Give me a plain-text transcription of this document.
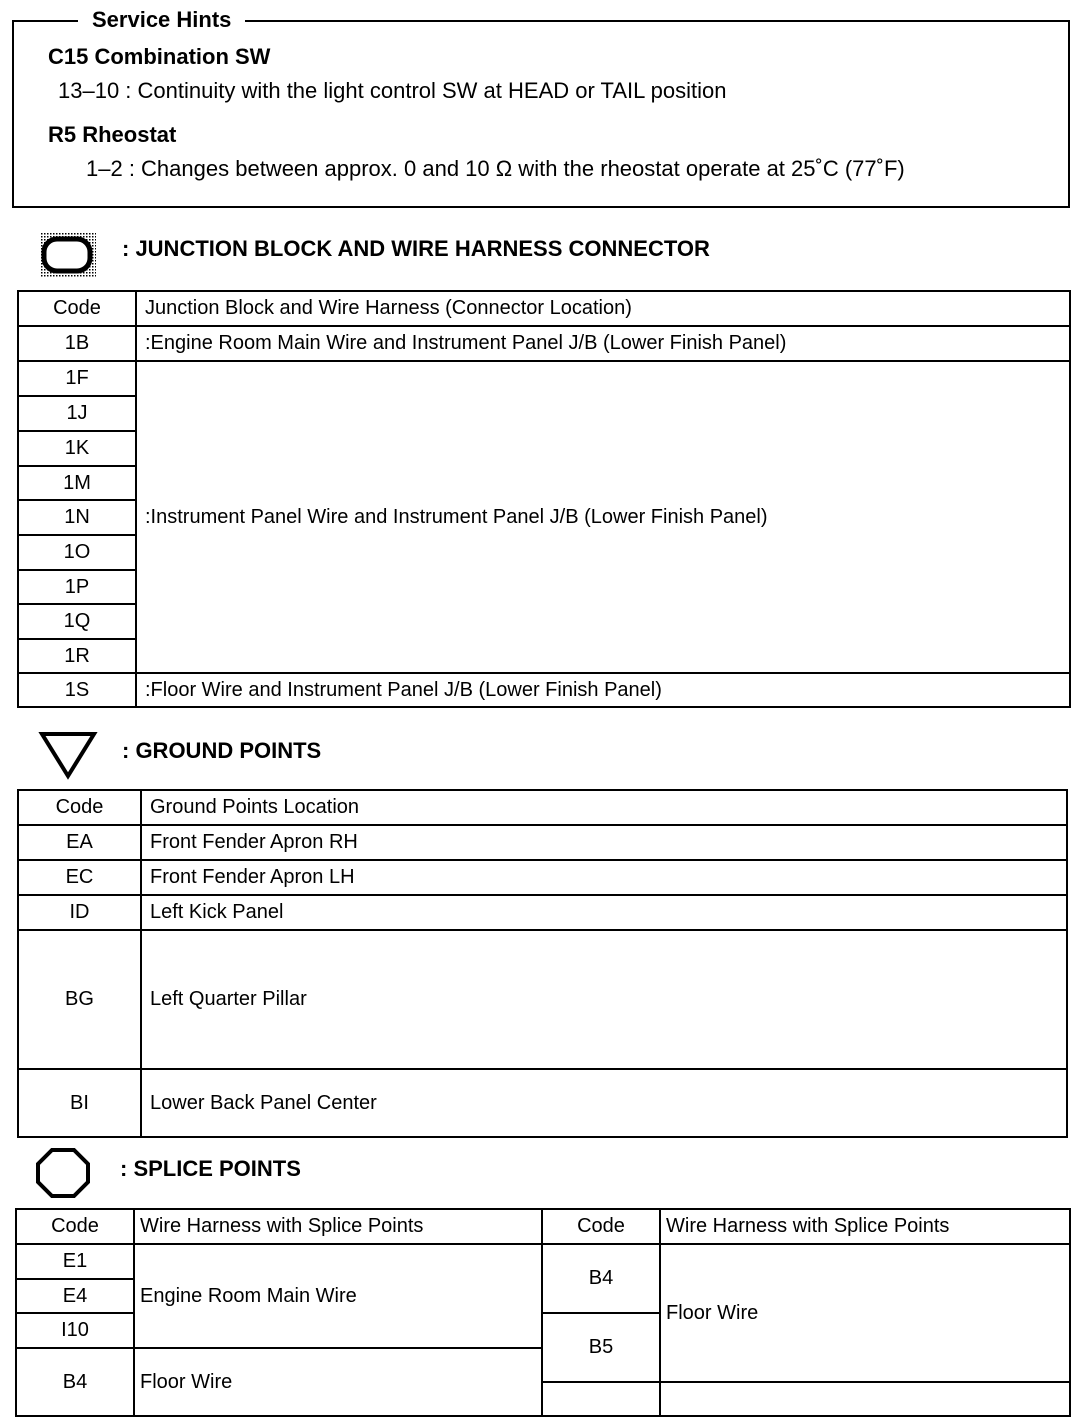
Service Hints
C15 Combination SW
13–10 : Continuity with the light control SW at HEAD or TAIL position
R5 Rheostat
1–2 : Changes between approx. 0 and 10 Ω with the rheostat operate at 25˚C (77˚F)
: JUNCTION BLOCK AND WIRE HARNESS CONNECTOR
Code	Junction Block and Wire Harness (Connector Location)
1B	:Engine Room Main Wire and Instrument Panel J/B (Lower Finish Panel)
1F	:Instrument Panel Wire and Instrument Panel J/B (Lower Finish Panel)
1J	
1K	
1M	
1N	
1O	
1P	
1Q	
1R	
1S	:Floor Wire and Instrument Panel J/B (Lower Finish Panel)
: GROUND POINTS
Code	Ground Points Location
EA	Front Fender Apron RH
EC	Front Fender Apron LH
ID	Left Kick Panel
BG	Left Quarter Pillar
BI	Lower Back Panel Center
: SPLICE POINTS
Code	Wire Harness with Splice Points
E1	Engine Room Main Wire
E4	
I10	
B4	Floor Wire
Code	Wire Harness with Splice Points
B4	Floor Wire
B5	
